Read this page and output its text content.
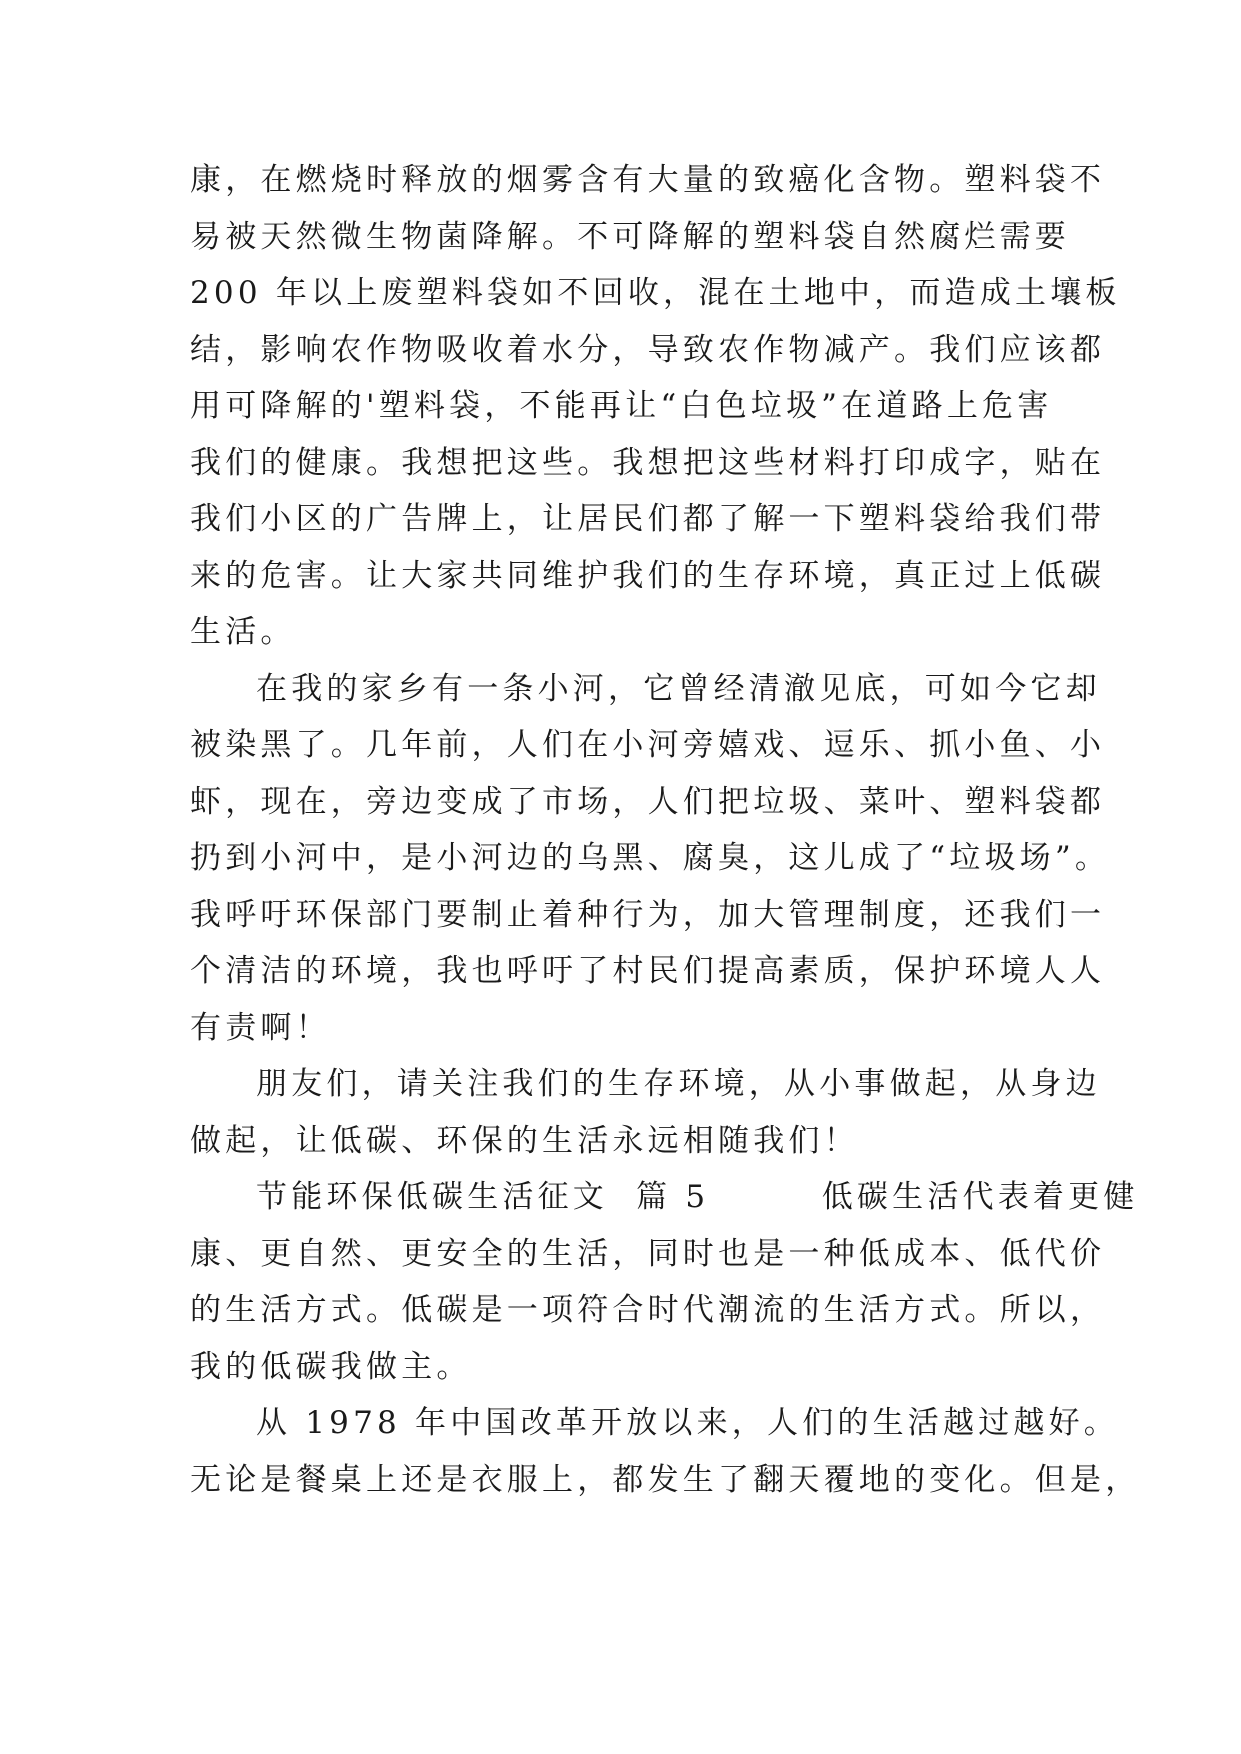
康，在燃烧时释放的烟雾含有大量的致癌化含物。塑料袋不
易被天然微生物菌降解。不可降解的塑料袋自然腐烂需要
200 年以上废塑料袋如不回收，混在土地中，而造成土壤板
结，影响农作物吸收着水分，导致农作物减产。我们应该都
用可降解的'塑料袋，不能再让“白色垃圾”在道路上危害
我们的健康。我想把这些。我想把这些材料打印成字，贴在
我们小区的广告牌上，让居民们都了解一下塑料袋给我们带
来的危害。让大家共同维护我们的生存环境，真正过上低碳
生活。
在我的家乡有一条小河，它曾经清澈见底，可如今它却
被染黑了。几年前，人们在小河旁嬉戏、逗乐、抓小鱼、小
虾，现在，旁边变成了市场，人们把垃圾、菜叶、塑料袋都
扔到小河中，是小河边的乌黑、腐臭，这儿成了“垃圾场”。
我呼吁环保部门要制止着种行为，加大管理制度，还我们一
个清洁的环境，我也呼吁了村民们提高素质，保护环境人人
有责啊！
朋友们，请关注我们的生存环境，从小事做起，从身边
做起，让低碳、环保的生活永远相随我们！
节能环保低碳生活征文  篇 5        低碳生活代表着更健
康、更自然、更安全的生活，同时也是一种低成本、低代价
的生活方式。低碳是一项符合时代潮流的生活方式。所以，
我的低碳我做主。
从 1978 年中国改革开放以来，人们的生活越过越好。
无论是餐桌上还是衣服上，都发生了翻天覆地的变化。但是，
